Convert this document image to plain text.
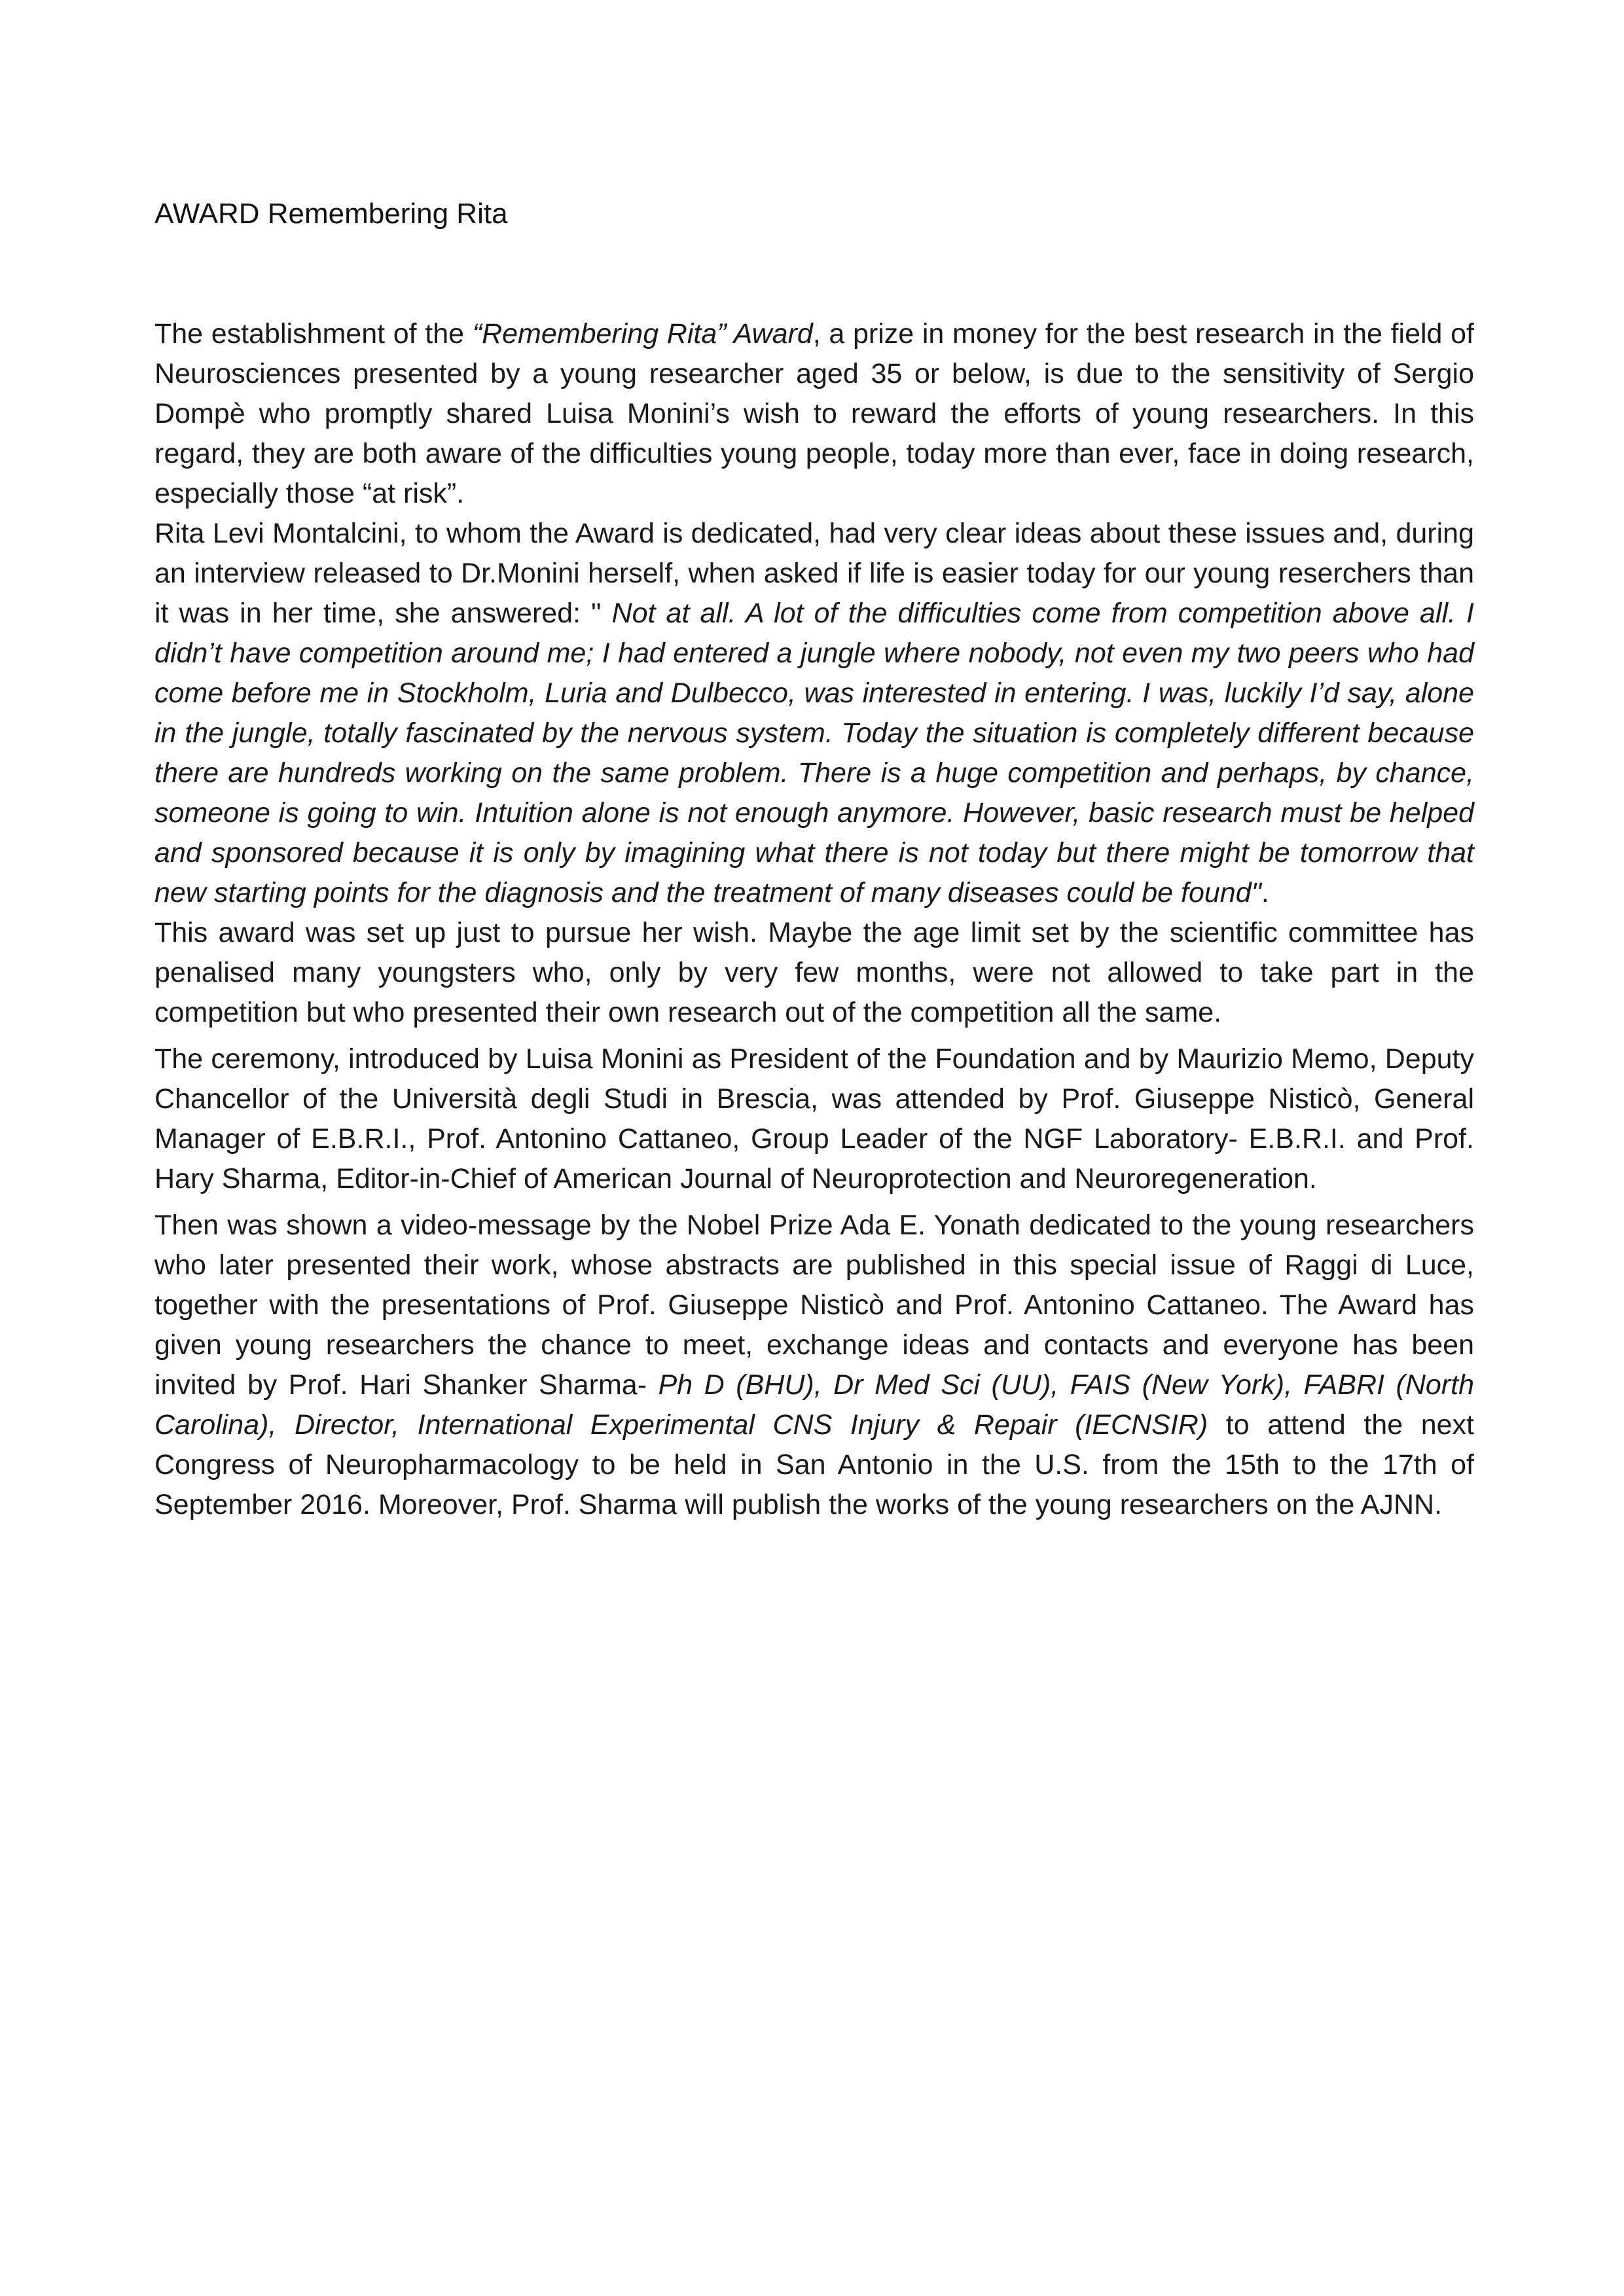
AWARD Remembering Rita

The establishment of the “Remembering Rita” Award, a prize in money for the best research in the field of Neurosciences presented by a young researcher aged 35 or below, is due to the sensitivity of Sergio Dompè who promptly shared Luisa Monini’s wish to reward the efforts of young researchers. In this regard, they are both aware of the difficulties young people, today more than ever, face in doing research, especially those “at risk”.

Rita Levi Montalcini, to whom the Award is dedicated, had very clear ideas about these issues and, during an interview released to Dr.Monini herself, when asked if life is easier today for our young reserchers than it was in her time, she answered: " Not at all. A lot of the difficulties come from competition above all. I didn’t have competition around me; I had entered a jungle where nobody, not even my two peers who had come before me in Stockholm, Luria and Dulbecco, was interested in entering. I was, luckily I’d say, alone in the jungle, totally fascinated by the nervous system. Today the situation is completely different because there are hundreds working on the same problem. There is a huge competition and perhaps, by chance, someone is going to win. Intuition alone is not enough anymore. However, basic research must be helped and sponsored because it is only by imagining what there is not today but there might be tomorrow that new starting points for the diagnosis and the treatment of many diseases could be found".

This award was set up just to pursue her wish. Maybe the age limit set by the scientific committee has penalised many youngsters who, only by very few months, were not allowed to take part in the competition but who presented their own research out of the competition all the same.

The ceremony, introduced by Luisa Monini as President of the Foundation and by Maurizio Memo, Deputy Chancellor of the Università degli Studi in Brescia, was attended by Prof. Giuseppe Nisticò, General Manager of E.B.R.I., Prof. Antonino Cattaneo, Group Leader of the NGF Laboratory- E.B.R.I. and Prof. Hary Sharma, Editor-in-Chief of American Journal of Neuroprotection and Neuroregeneration.

Then was shown a video-message by the Nobel Prize Ada E. Yonath dedicated to the young researchers who later presented their work, whose abstracts are published in this special issue of Raggi di Luce, together with the presentations of Prof. Giuseppe Nisticò and Prof. Antonino Cattaneo. The Award has given young researchers the chance to meet, exchange ideas and contacts and everyone has been invited by Prof. Hari Shanker Sharma- Ph D (BHU), Dr Med Sci (UU), FAIS (New York), FABRI (North Carolina), Director, International Experimental CNS Injury & Repair (IECNSIR) to attend the next Congress of Neuropharmacology to be held in San Antonio in the U.S. from the 15th to the 17th of September 2016. Moreover, Prof. Sharma will publish the works of the young researchers on the AJNN.
